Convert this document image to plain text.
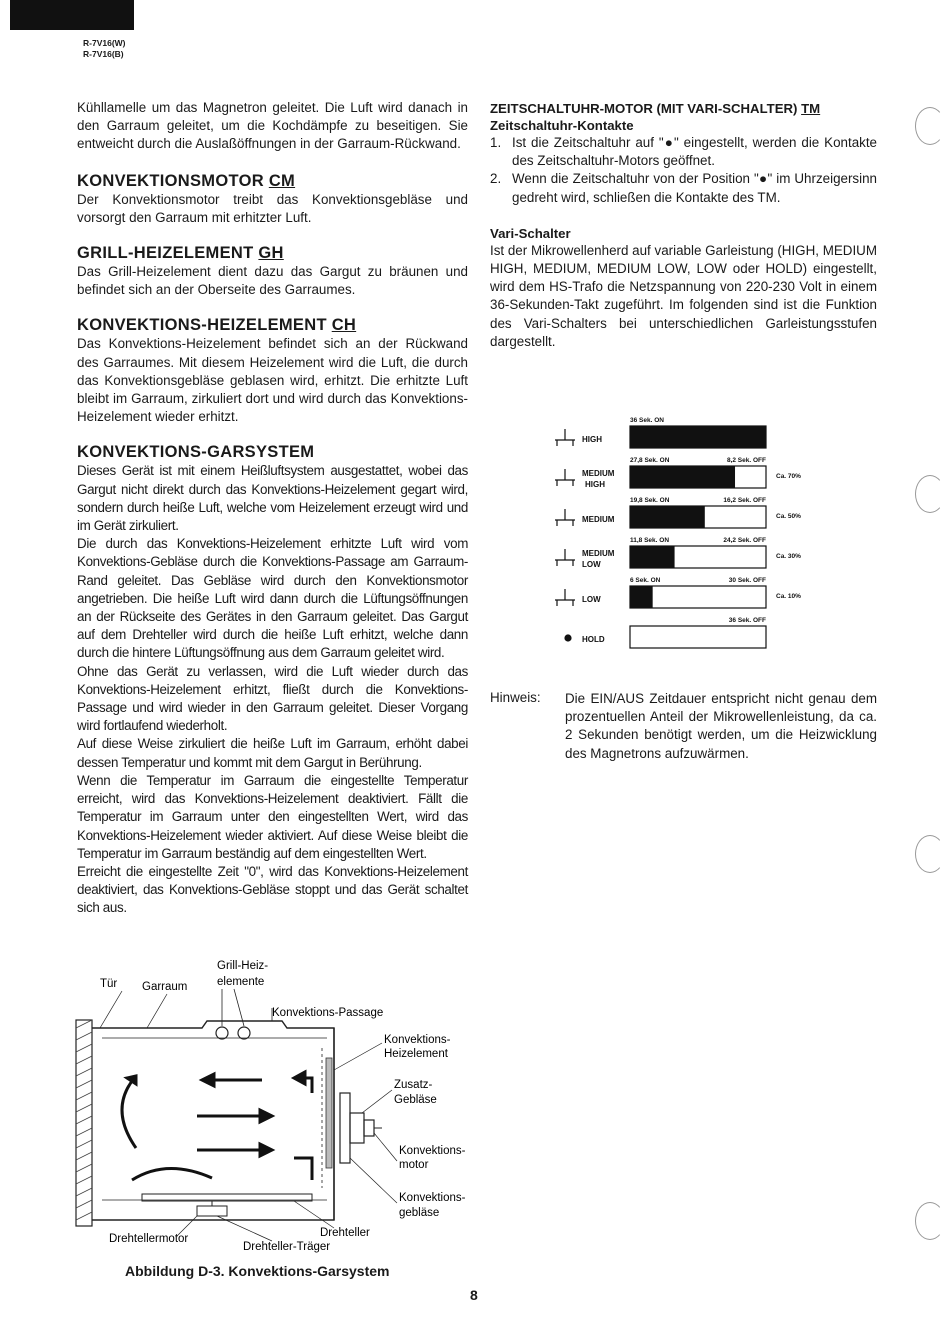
R-7V16(W)
R-7V16(B)

Kühllamelle um das Magnetron geleitet. Die Luft wird danach in den Garraum geleitet, um die Kochdämpfe zu beseitigen. Sie entweicht durch die Auslaßöffnungen in der Garraum-Rückwand.

KONVEKTIONSMOTOR CM

Der Konvektionsmotor treibt das Konvektionsgebläse und vorsorgt den Garraum mit erhitzter Luft.

GRILL-HEIZELEMENT GH

Das Grill-Heizelement dient dazu das Gargut zu bräunen und befindet sich an der Oberseite des Garraumes.

KONVEKTIONS-HEIZELEMENT CH

Das Konvektions-Heizelement befindet sich an der Rückwand des Garraumes. Mit diesem Heizelement wird die Luft, die durch das Konvektionsgebläse geblasen wird, erhitzt. Die erhitzte Luft bleibt im Garraum, zirkuliert dort und wird durch das Konvektions-Heizelement wieder erhitzt.

KONVEKTIONS-GARSYSTEM

Dieses Gerät ist mit einem Heißluftsystem ausgestattet, wobei das Gargut nicht direkt durch das Konvektions-Heizelement gegart wird, sondern durch heiße Luft, welche vom Heizelement erzeugt wird und im Gerät zirkuliert.

Die durch das Konvektions-Heizelement erhitzte Luft wird vom Konvektions-Gebläse durch die Konvektions-Passage am Garraum-Rand geleitet. Das Gebläse wird durch den Konvektionsmotor angetrieben. Die heiße Luft wird dann durch die Lüftungsöffnungen an der Rückseite des Gerätes in den Garraum geleitet. Das Gargut auf dem Drehteller wird durch die heiße Luft erhitzt, welche dann durch die hintere Lüftungsöffnung aus dem Garraum geleitet wird.

Ohne das Gerät zu verlassen, wird die Luft wieder durch das Konvektions-Heizelement erhitzt, fließt durch die Konvektions-Passage und wird wieder in den Garraum geleitet. Dieser Vorgang wird fortlaufend wiederholt.

Auf diese Weise zirkuliert die heiße Luft im Garraum, erhöht dabei dessen Temperatur und kommt mit dem Gargut in Berührung.

Wenn die Temperatur im Garraum die eingestellte Temperatur erreicht, wird das Konvektions-Heizelement deaktiviert. Fällt die Temperatur im Garraum unter den eingestellten Wert, wird das Konvektions-Heizelement wieder aktiviert. Auf diese Weise bleibt die Temperatur im Garraum beständig auf dem eingestellten Wert.

Erreicht die eingestellte Zeit "0", wird das Konvektions-Heizelement deaktiviert, das Konvektions-Gebläse stoppt und das Gerät schaltet sich aus.

ZEITSCHALTUHR-MOTOR (MIT VARI-SCHALTER) TM
Zeitschaltuhr-Kontakte
1. Ist die Zeitschaltuhr auf "●" eingestellt, werden die Kontakte des Zeitschaltuhr-Motors geöffnet.
2. Wenn die Zeitschaltuhr von der Position "●" im Uhrzeigersinn gedreht wird, schließen die Kontakte des TM.
Vari-Schalter

Ist der Mikrowellenherd auf variable Garleistung (HIGH, MEDIUM HIGH, MEDIUM, MEDIUM LOW, LOW oder HOLD) eingestellt, wird dem HS-Trafo die Netzspannung von 220-230 Volt in einem 36-Sekunden-Takt zugeführt. Im folgenden sind ist die Funktion des Vari-Schalters bei unterschiedlichen Garleistungsstufen dargestellt.

36 Sek. ON
HIGH
27,8 Sek. ON	8,2 Sek. OFF
Ca. 70%
MEDIUM
HIGH
19,8 Sek. ON	16,2 Sek. OFF
Ca. 50%
MEDIUM
11,8 Sek. ON	24,2 Sek. OFF
Ca. 30%
MEDIUM
LOW
6 Sek. ON	30 Sek. OFF
Ca. 10%
LOW
36 Sek. OFF
HOLD
Hinweis: Die EIN/AUS Zeitdauer entspricht nicht genau dem prozentuellen Anteil der Mikrowellenleistung, da ca. 2 Sekunden benötigt werden, um die Heizwicklung des Magnetrons aufzuwärmen.
Tür Garraum
Grill-Heiz-
elemente
Konvektions-Passage
Konvektions-
Heizelement
Zusatz-
Gebläse
Konvektions-
motor
Konvektions-
gebläse
Drehteller
Drehtellermotor
Drehteller-Träger
Abbildung D-3. Konvektions-Garsystem
8
